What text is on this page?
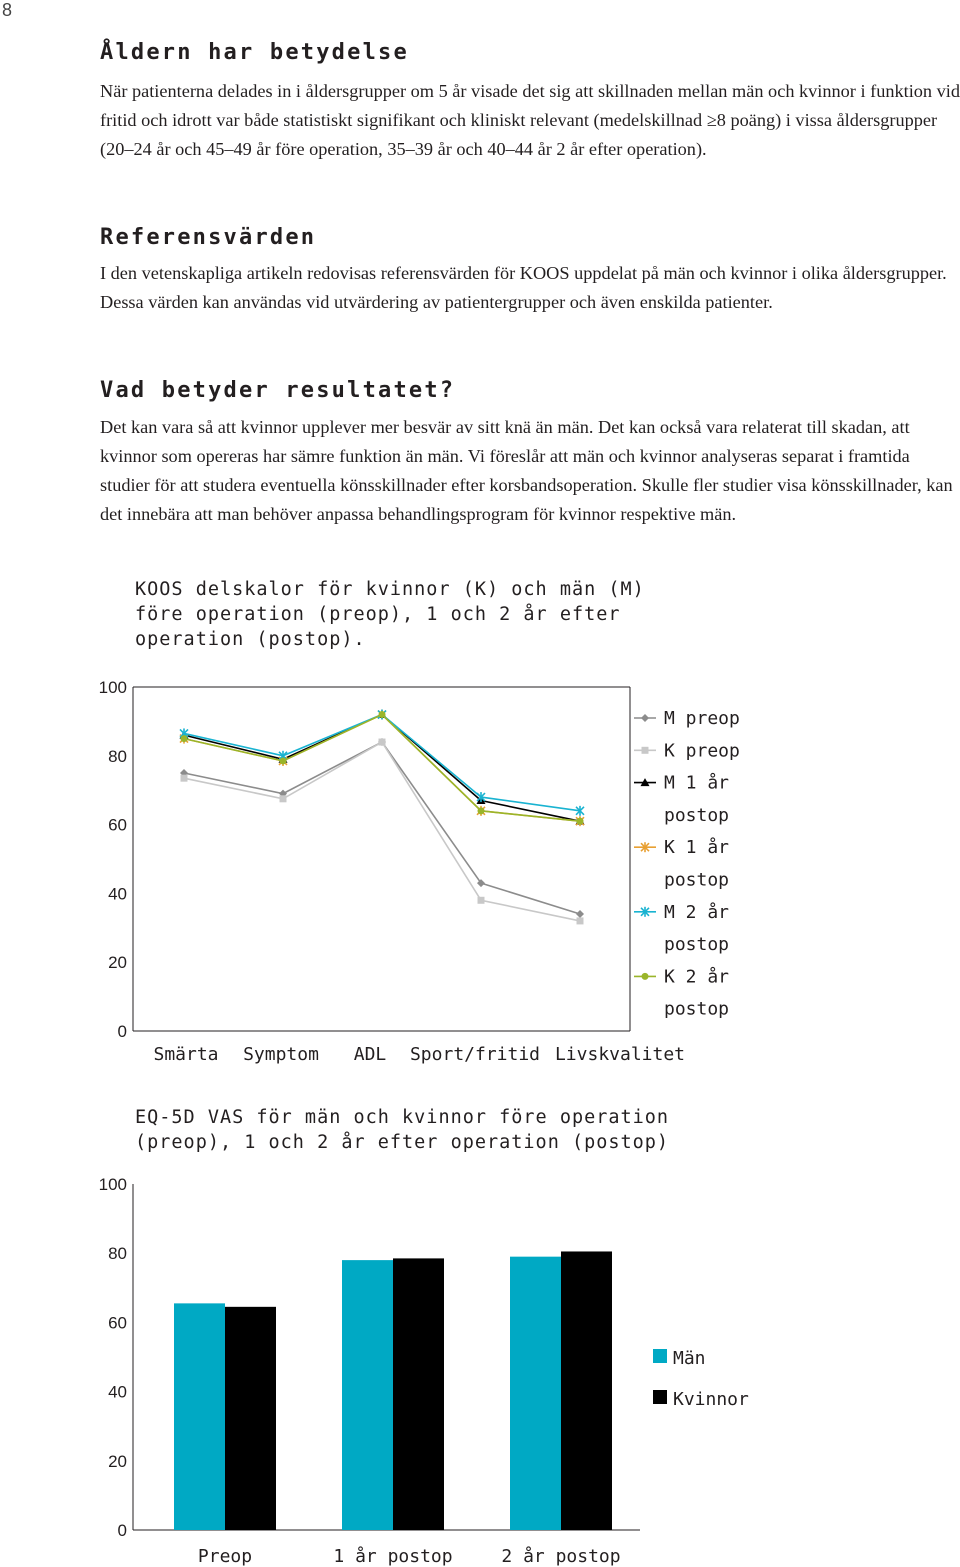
8
Åldern har betydelse

När patienterna delades in i åldersgrupper om 5 år visade det sig att skillnaden mellan män och kvinnor i funktion vid fritid och idrott var både statistiskt signifikant och kliniskt relevant (medelskillnad ≥8 poäng) i vissa åldersgrupper (20–24 år och 45–49 år före operation, 35–39 år och 40–44 år 2 år efter operation).

Referensvärden

I den vetenskapliga artikeln redovisas referensvärden för KOOS uppdelat på män och kvinnor i olika åldersgrupper. Dessa värden kan användas vid utvärdering av patientergrupper och även enskilda patienter.

Vad betyder resultatet?

Det kan vara så att kvinnor upplever mer besvär av sitt knä än män. Det kan också vara relaterat till skadan, att kvinnor som opereras har sämre funktion än män. Vi föreslår att män och kvinnor analyseras separat i framtida studier för att studera eventuella könsskillnader efter korsbandsoperation. Skulle fler studier visa könsskillnader, kan det innebära att man behöver anpassa behandlingsprogram för kvinnor respektive män.

KOOS delskalor för kvinnor (K) och män (M)
före operation (preop), 1 och 2 år efter
operation (postop).
0
20
40
60
80
100
Smärta Symptom ADL Sport/fritid Livskvalitet
M preop
K preop
M 1 år
postop
K 1 år
postop
M 2 år
postop
K 2 år
postop
EQ-5D VAS för män och kvinnor före operation
(preop), 1 och 2 år efter operation (postop)
0
20
40
60
80
100
Preop	1 år postop	2 år postop
Män
Kvinnor
